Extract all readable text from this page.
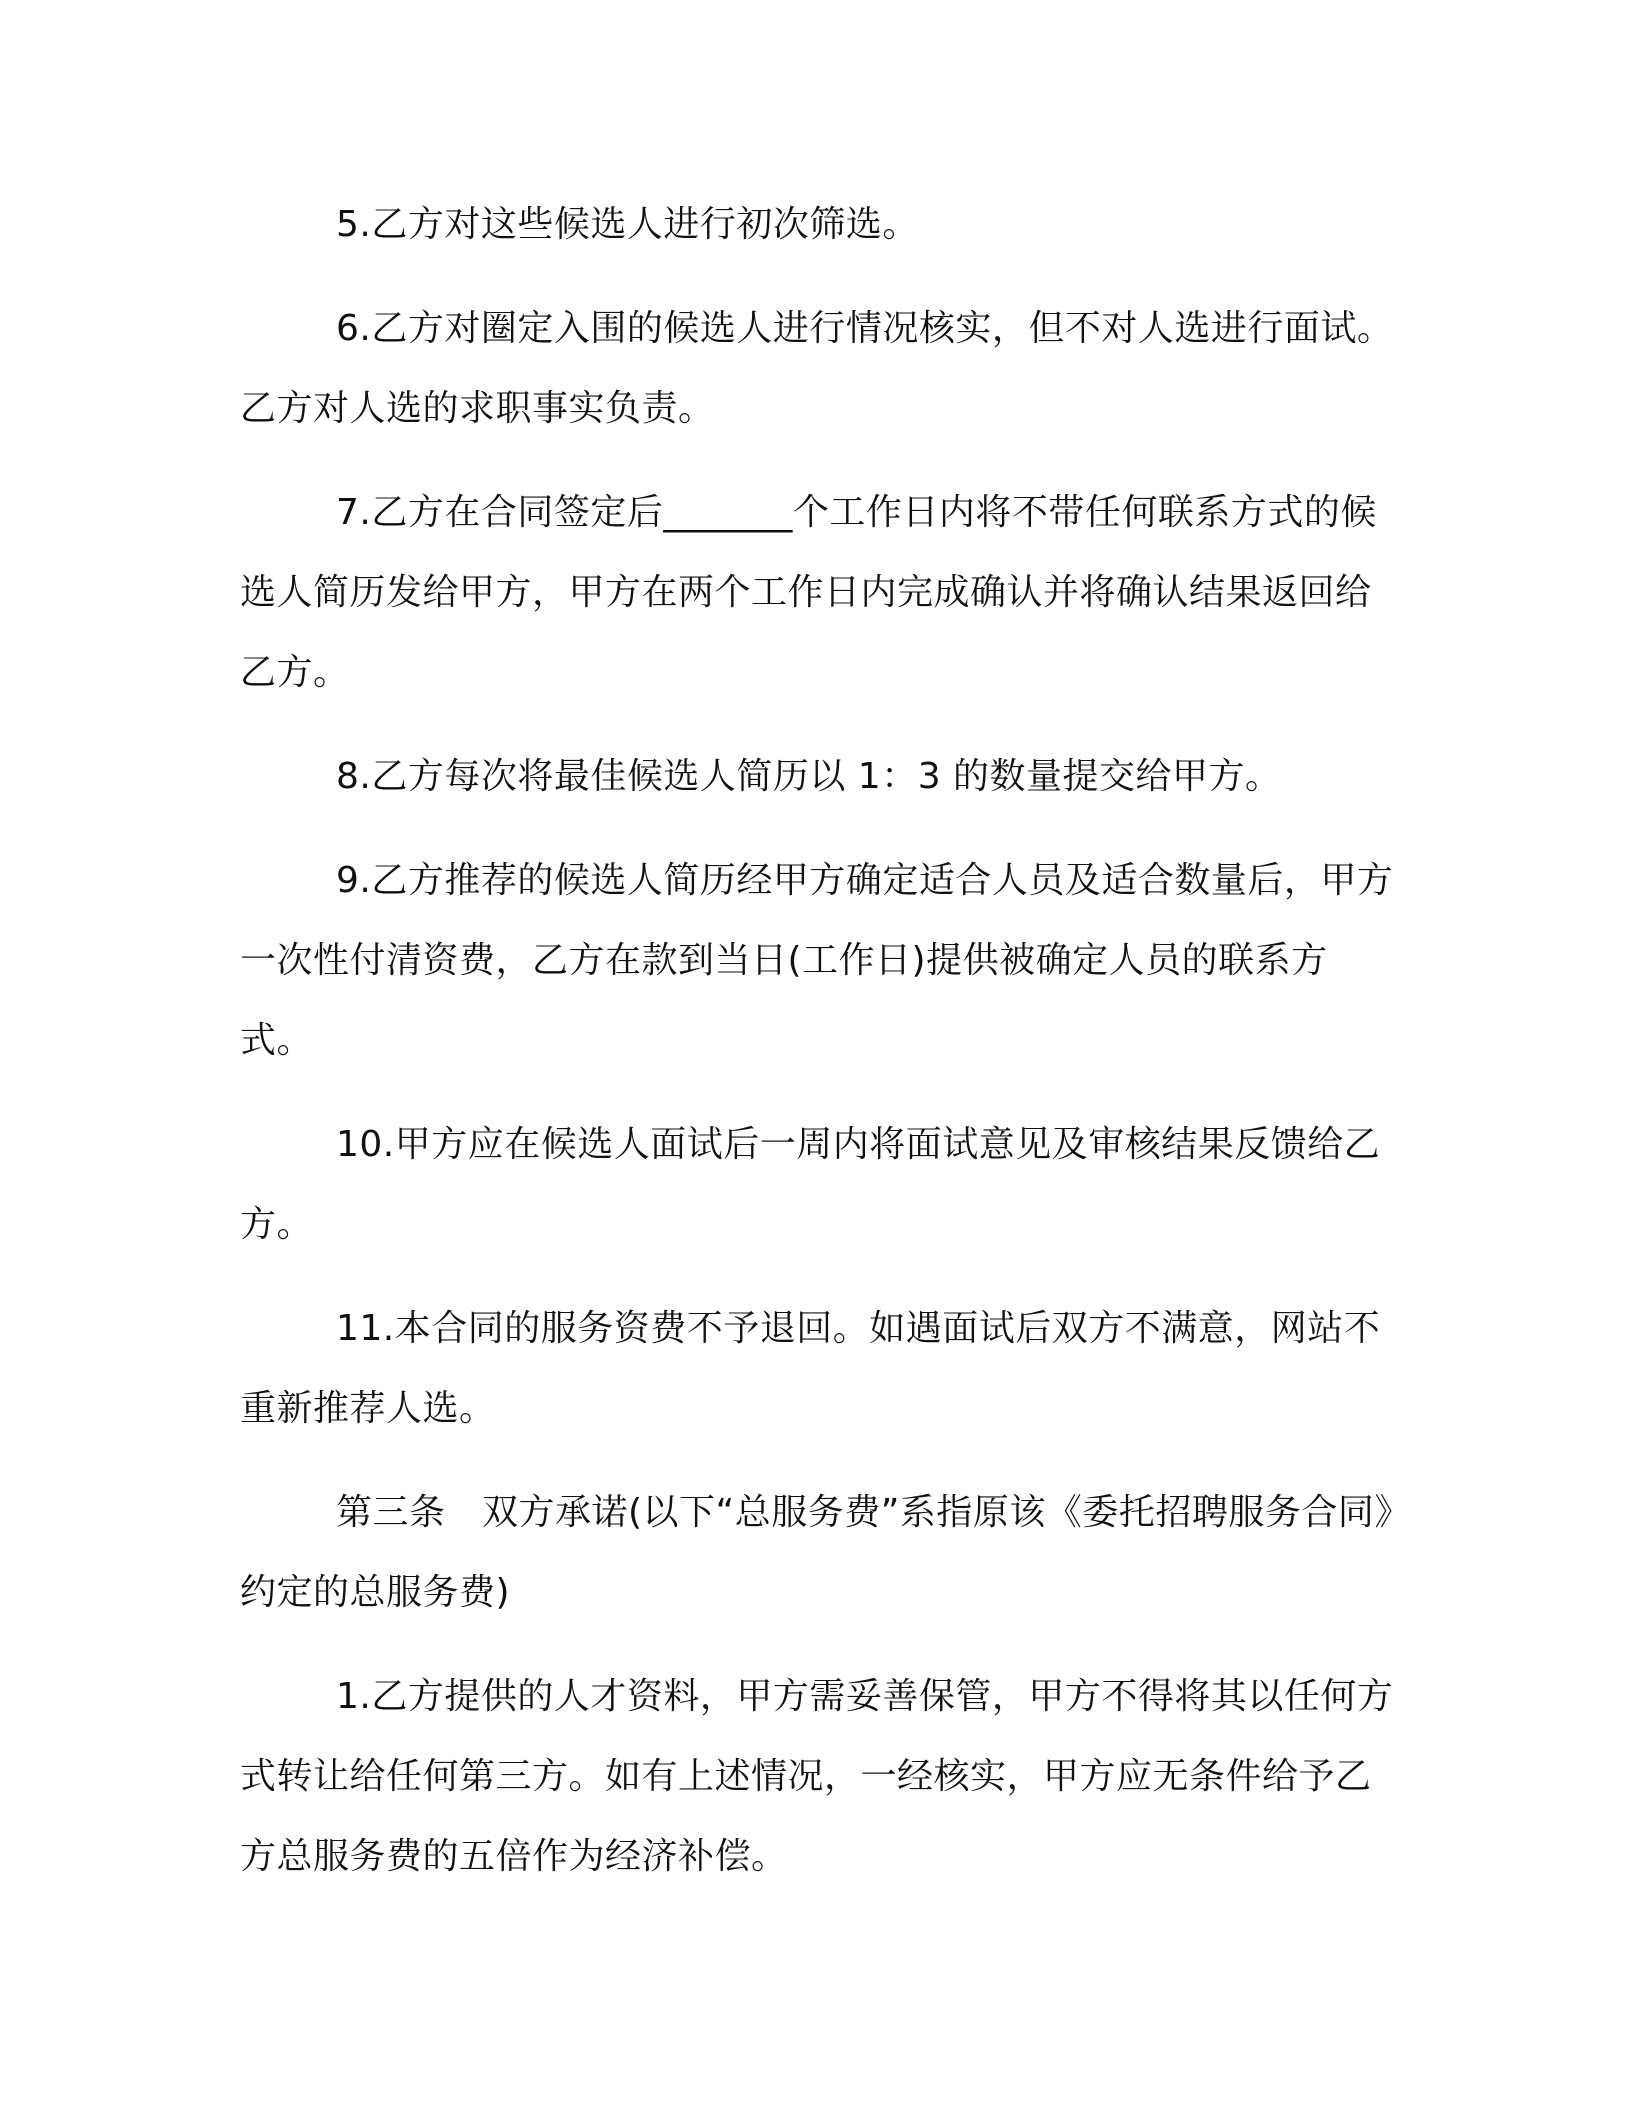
5.乙方对这些候选人进行初次筛选。

6.乙方对圈定入围的候选人进行情况核实，但不对人选进行面试。乙方对人选的求职事实负责。

7.乙方在合同签定后_______个工作日内将不带任何联系方式的候选人简历发给甲方，甲方在两个工作日内完成确认并将确认结果返回给乙方。

8.乙方每次将最佳候选人简历以 1：3 的数量提交给甲方。

9.乙方推荐的候选人简历经甲方确定适合人员及适合数量后，甲方一次性付清资费，乙方在款到当日(工作日)提供被确定人员的联系方式。

10.甲方应在候选人面试后一周内将面试意见及审核结果反馈给乙方。

11.本合同的服务资费不予退回。如遇面试后双方不满意，网站不重新推荐人选。

第三条　双方承诺(以下“总服务费”系指原该《委托招聘服务合同》约定的总服务费)

1.乙方提供的人才资料，甲方需妥善保管，甲方不得将其以任何方式转让给任何第三方。如有上述情况，一经核实，甲方应无条件给予乙方总服务费的五倍作为经济补偿。
